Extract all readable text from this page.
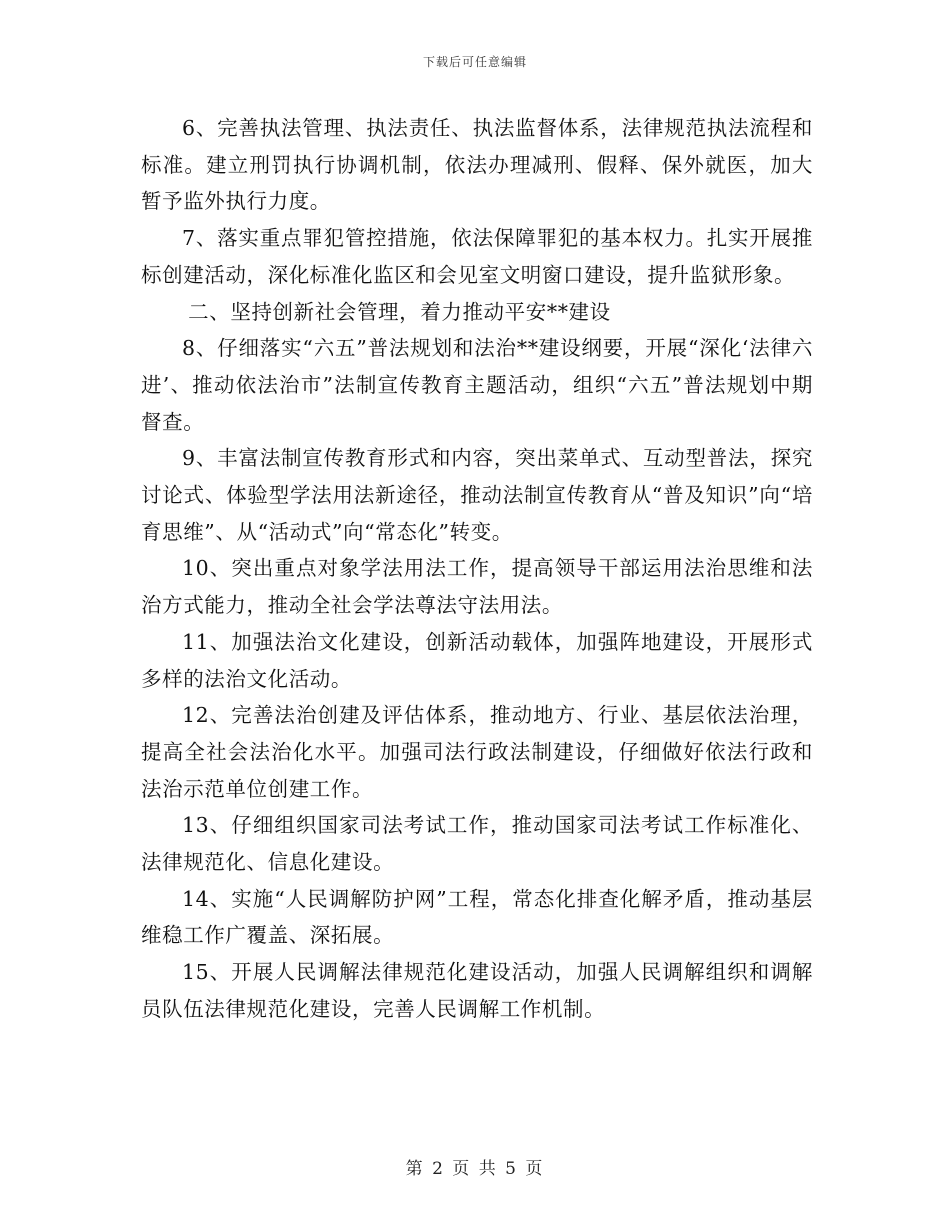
下载后可任意编辑

6、完善执法管理、执法责任、执法监督体系，法律规范执法流程和标准。建立刑罚执行协调机制，依法办理减刑、假释、保外就医，加大暂予监外执行力度。

7、落实重点罪犯管控措施，依法保障罪犯的基本权力。扎实开展推标创建活动，深化标准化监区和会见室文明窗口建设，提升监狱形象。

二、坚持创新社会管理，着力推动平安**建设

8、仔细落实“六五”普法规划和法治**建设纲要，开展“深化‘法律六进’、推动依法治市”法制宣传教育主题活动，组织“六五”普法规划中期督查。

9、丰富法制宣传教育形式和内容，突出菜单式、互动型普法，探究讨论式、体验型学法用法新途径，推动法制宣传教育从“普及知识”向“培育思维”、从“活动式”向“常态化”转变。

10、突出重点对象学法用法工作，提高领导干部运用法治思维和法治方式能力，推动全社会学法尊法守法用法。

11、加强法治文化建设，创新活动载体，加强阵地建设，开展形式多样的法治文化活动。

12、完善法治创建及评估体系，推动地方、行业、基层依法治理，提高全社会法治化水平。加强司法行政法制建设，仔细做好依法行政和法治示范单位创建工作。

13、仔细组织国家司法考试工作，推动国家司法考试工作标准化、法律规范化、信息化建设。

14、实施“人民调解防护网”工程，常态化排查化解矛盾，推动基层维稳工作广覆盖、深拓展。

15、开展人民调解法律规范化建设活动，加强人民调解组织和调解员队伍法律规范化建设，完善人民调解工作机制。

第 2 页 共 5 页
